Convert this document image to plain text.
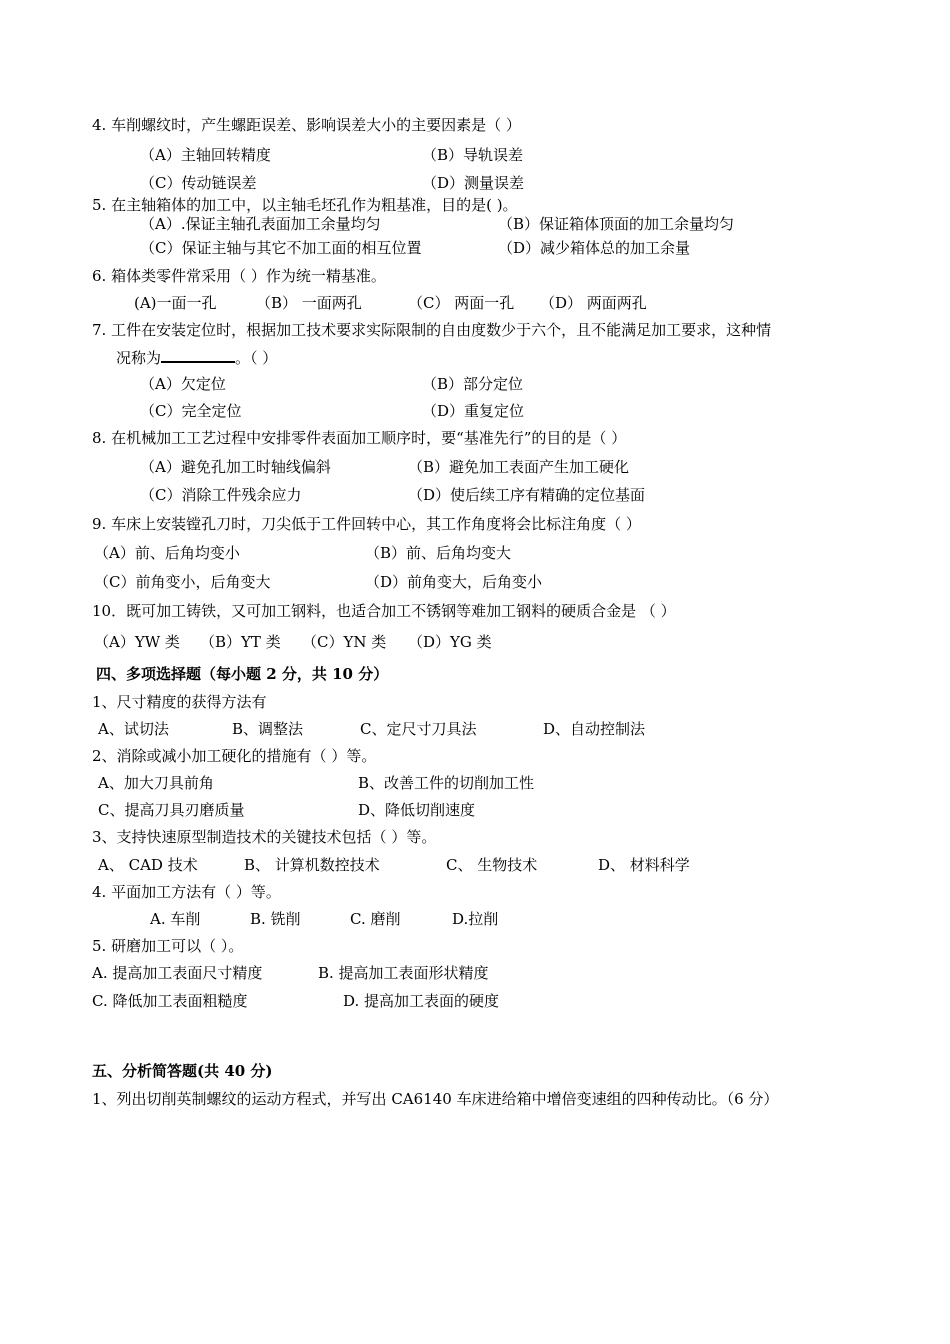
4. 车削螺纹时，产生螺距误差、影响误差大小的主要因素是（ ）
（A）主轴回转精度	（B）导轨误差
（C）传动链误差	（D）测量误差
5. 在主轴箱体的加工中，以主轴毛坯孔作为粗基准，目的是( )。
（A）.保证主轴孔表面加工余量均匀	（B）保证箱体顶面的加工余量均匀
（C）保证主轴与其它不加工面的相互位置	（D）减少箱体总的加工余量
6. 箱体类零件常采用（ ）作为统一精基准。
(A)一面一孔	（B） 一面两孔	（C） 两面一孔 （D） 两面两孔
7. 工件在安装定位时，根据加工技术要求实际限制的自由度数少于六个，且不能满足加工要求，这种情
况称为	。（ ）
（A）欠定位	（B）部分定位
（C）完全定位	（D）重复定位
8. 在机械加工工艺过程中安排零件表面加工顺序时，要“基准先行”的目的是（ ）
（A）避免孔加工时轴线偏斜	（B）避免加工表面产生加工硬化
（C）消除工件残余应力	（D）使后续工序有精确的定位基面
9. 车床上安装镗孔刀时，刀尖低于工件回转中心，其工作角度将会比标注角度（ ）
（A）前、后角均变小	（B）前、后角均变大
（C）前角变小，后角变大	（D）前角变大，后角变小
10．既可加工铸铁，又可加工钢料，也适合加工不锈钢等难加工钢料的硬质合金是 （ ）
（A）YW 类 （B）YT 类 （C）YN 类 （D）YG 类
四、多项选择题（每小题 2 分，共 10 分）
1、尺寸精度的获得方法有
A、试切法	B、调整法	C、定尺寸刀具法	D、自动控制法
2、消除或减小加工硬化的措施有（ ）等。
A、加大刀具前角	B、改善工件的切削加工性
C、提高刀具刃磨质量	D、降低切削速度
3、支持快速原型制造技术的关键技术包括（ ）等。
A、 CAD 技术	B、 计算机数控技术	C、 生物技术	D、 材料科学
4. 平面加工方法有（ ）等。
A. 车削	B. 铣削	C. 磨削	D.拉削
5. 研磨加工可以（ ）。
A. 提高加工表面尺寸精度	B. 提高加工表面形状精度
C. 降低加工表面粗糙度	D. 提高加工表面的硬度
五、分析简答题(共 40 分)
1、列出切削英制螺纹的运动方程式，并写出 CA6140 车床进给箱中增倍变速组的四种传动比。（6 分）
